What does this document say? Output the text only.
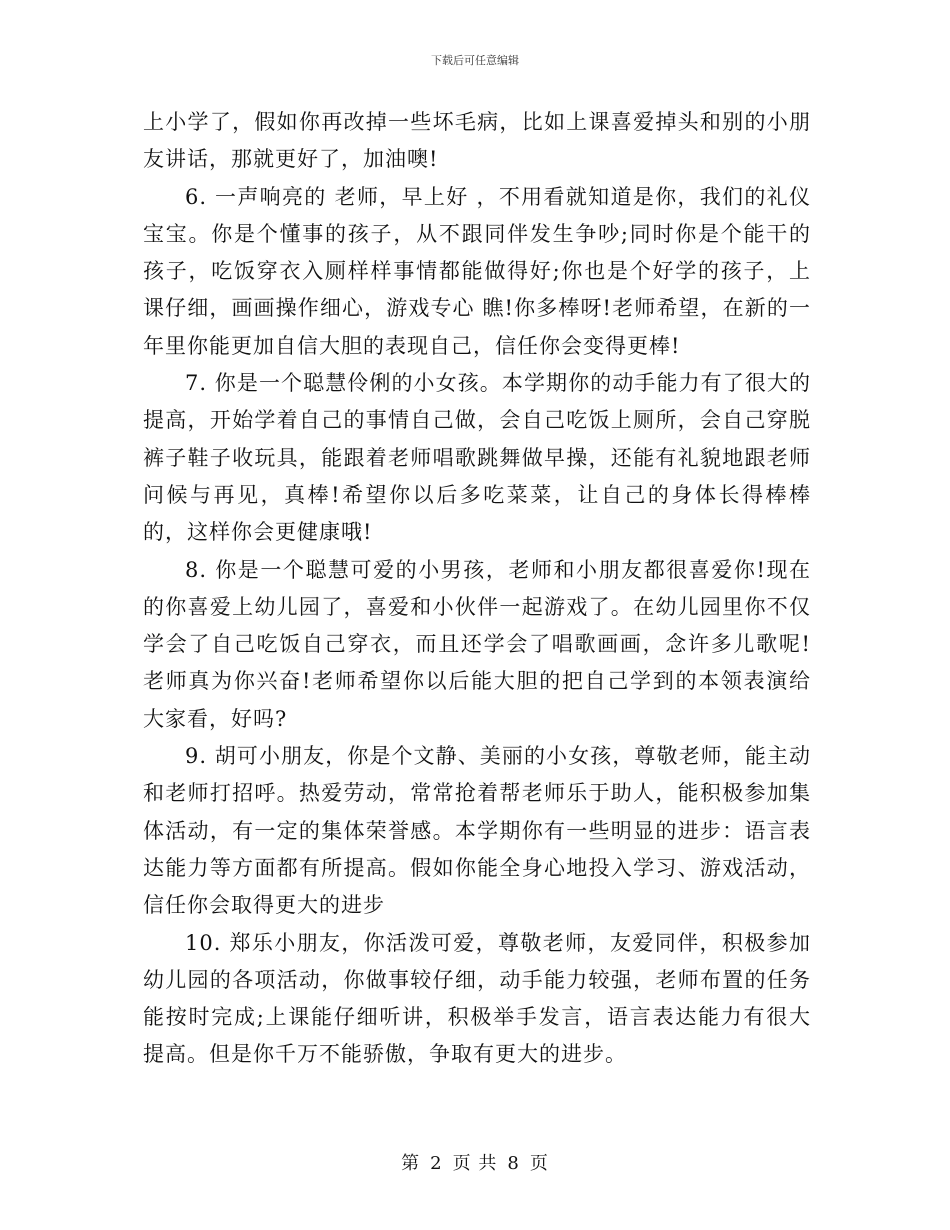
下载后可任意编辑

上小学了，假如你再改掉一些坏毛病，比如上课喜爱掉头和别的小朋友讲话，那就更好了，加油噢!

6. 一声响亮的 老师，早上好 ，不用看就知道是你，我们的礼仪宝宝。你是个懂事的孩子，从不跟同伴发生争吵;同时你是个能干的孩子，吃饭穿衣入厕样样事情都能做得好;你也是个好学的孩子，上课仔细，画画操作细心，游戏专心 瞧!你多棒呀!老师希望，在新的一年里你能更加自信大胆的表现自己，信任你会变得更棒!

7. 你是一个聪慧伶俐的小女孩。本学期你的动手能力有了很大的提高，开始学着自己的事情自己做，会自己吃饭上厕所，会自己穿脱裤子鞋子收玩具，能跟着老师唱歌跳舞做早操，还能有礼貌地跟老师问候与再见，真棒!希望你以后多吃菜菜，让自己的身体长得棒棒的，这样你会更健康哦!

8. 你是一个聪慧可爱的小男孩，老师和小朋友都很喜爱你!现在的你喜爱上幼儿园了，喜爱和小伙伴一起游戏了。在幼儿园里你不仅学会了自己吃饭自己穿衣，而且还学会了唱歌画画，念许多儿歌呢!老师真为你兴奋!老师希望你以后能大胆的把自己学到的本领表演给大家看，好吗?

9. 胡可小朋友，你是个文静、美丽的小女孩，尊敬老师，能主动和老师打招呼。热爱劳动，常常抢着帮老师乐于助人，能积极参加集体活动，有一定的集体荣誉感。本学期你有一些明显的进步：语言表达能力等方面都有所提高。假如你能全身心地投入学习、游戏活动，信任你会取得更大的进步

10. 郑乐小朋友，你活泼可爱，尊敬老师，友爱同伴，积极参加幼儿园的各项活动，你做事较仔细，动手能力较强，老师布置的任务能按时完成;上课能仔细听讲，积极举手发言，语言表达能力有很大提高。但是你千万不能骄傲，争取有更大的进步。

第 2 页 共 8 页
